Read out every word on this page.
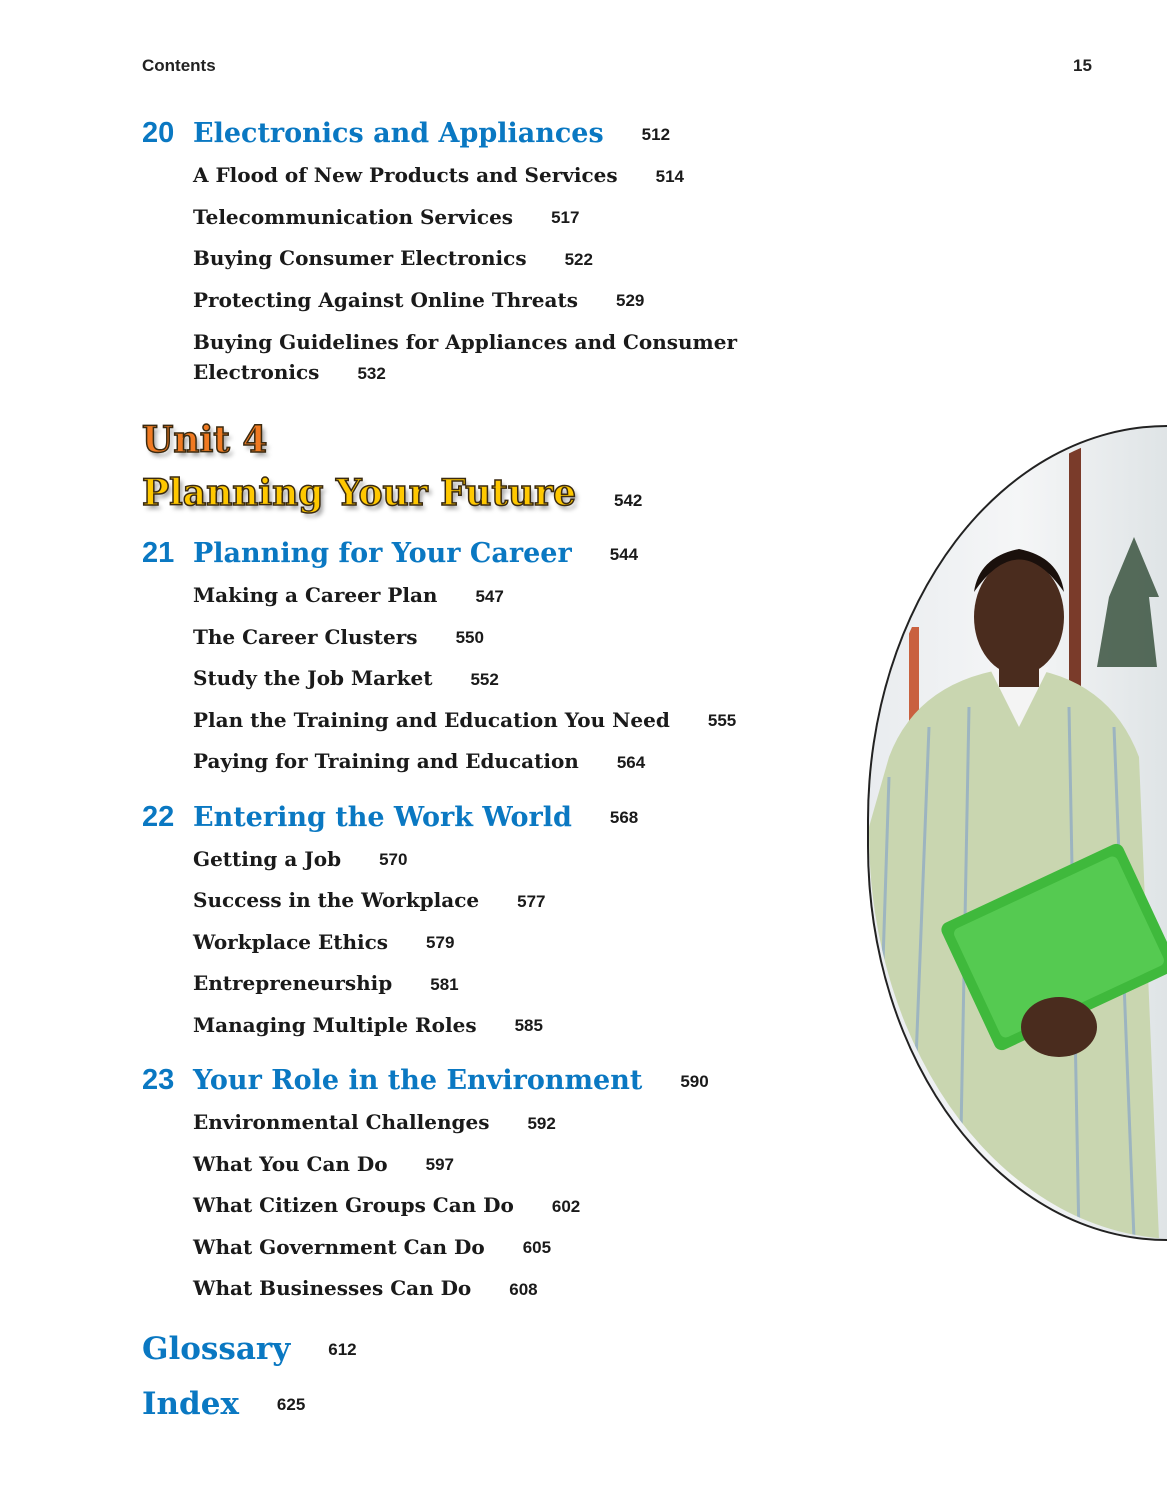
Contents	15
20 Electronics and Appliances 512
A Flood of New Products and Services 514
Telecommunication Services 517
Buying Consumer Electronics 522
Protecting Against Online Threats 529
Buying Guidelines for Appliances and Consumer Electronics 532
Unit 4
Planning Your Future 542
21 Planning for Your Career 544
Making a Career Plan 547
The Career Clusters 550
Study the Job Market 552
Plan the Training and Education You Need 555
Paying for Training and Education 564
22 Entering the Work World 568
Getting a Job 570
Success in the Workplace 577
Workplace Ethics 579
Entrepreneurship 581
Managing Multiple Roles 585
23 Your Role in the Environment 590
Environmental Challenges 592
What You Can Do 597
What Citizen Groups Can Do 602
What Government Can Do 605
What Businesses Can Do 608
Glossary 612
Index 625
